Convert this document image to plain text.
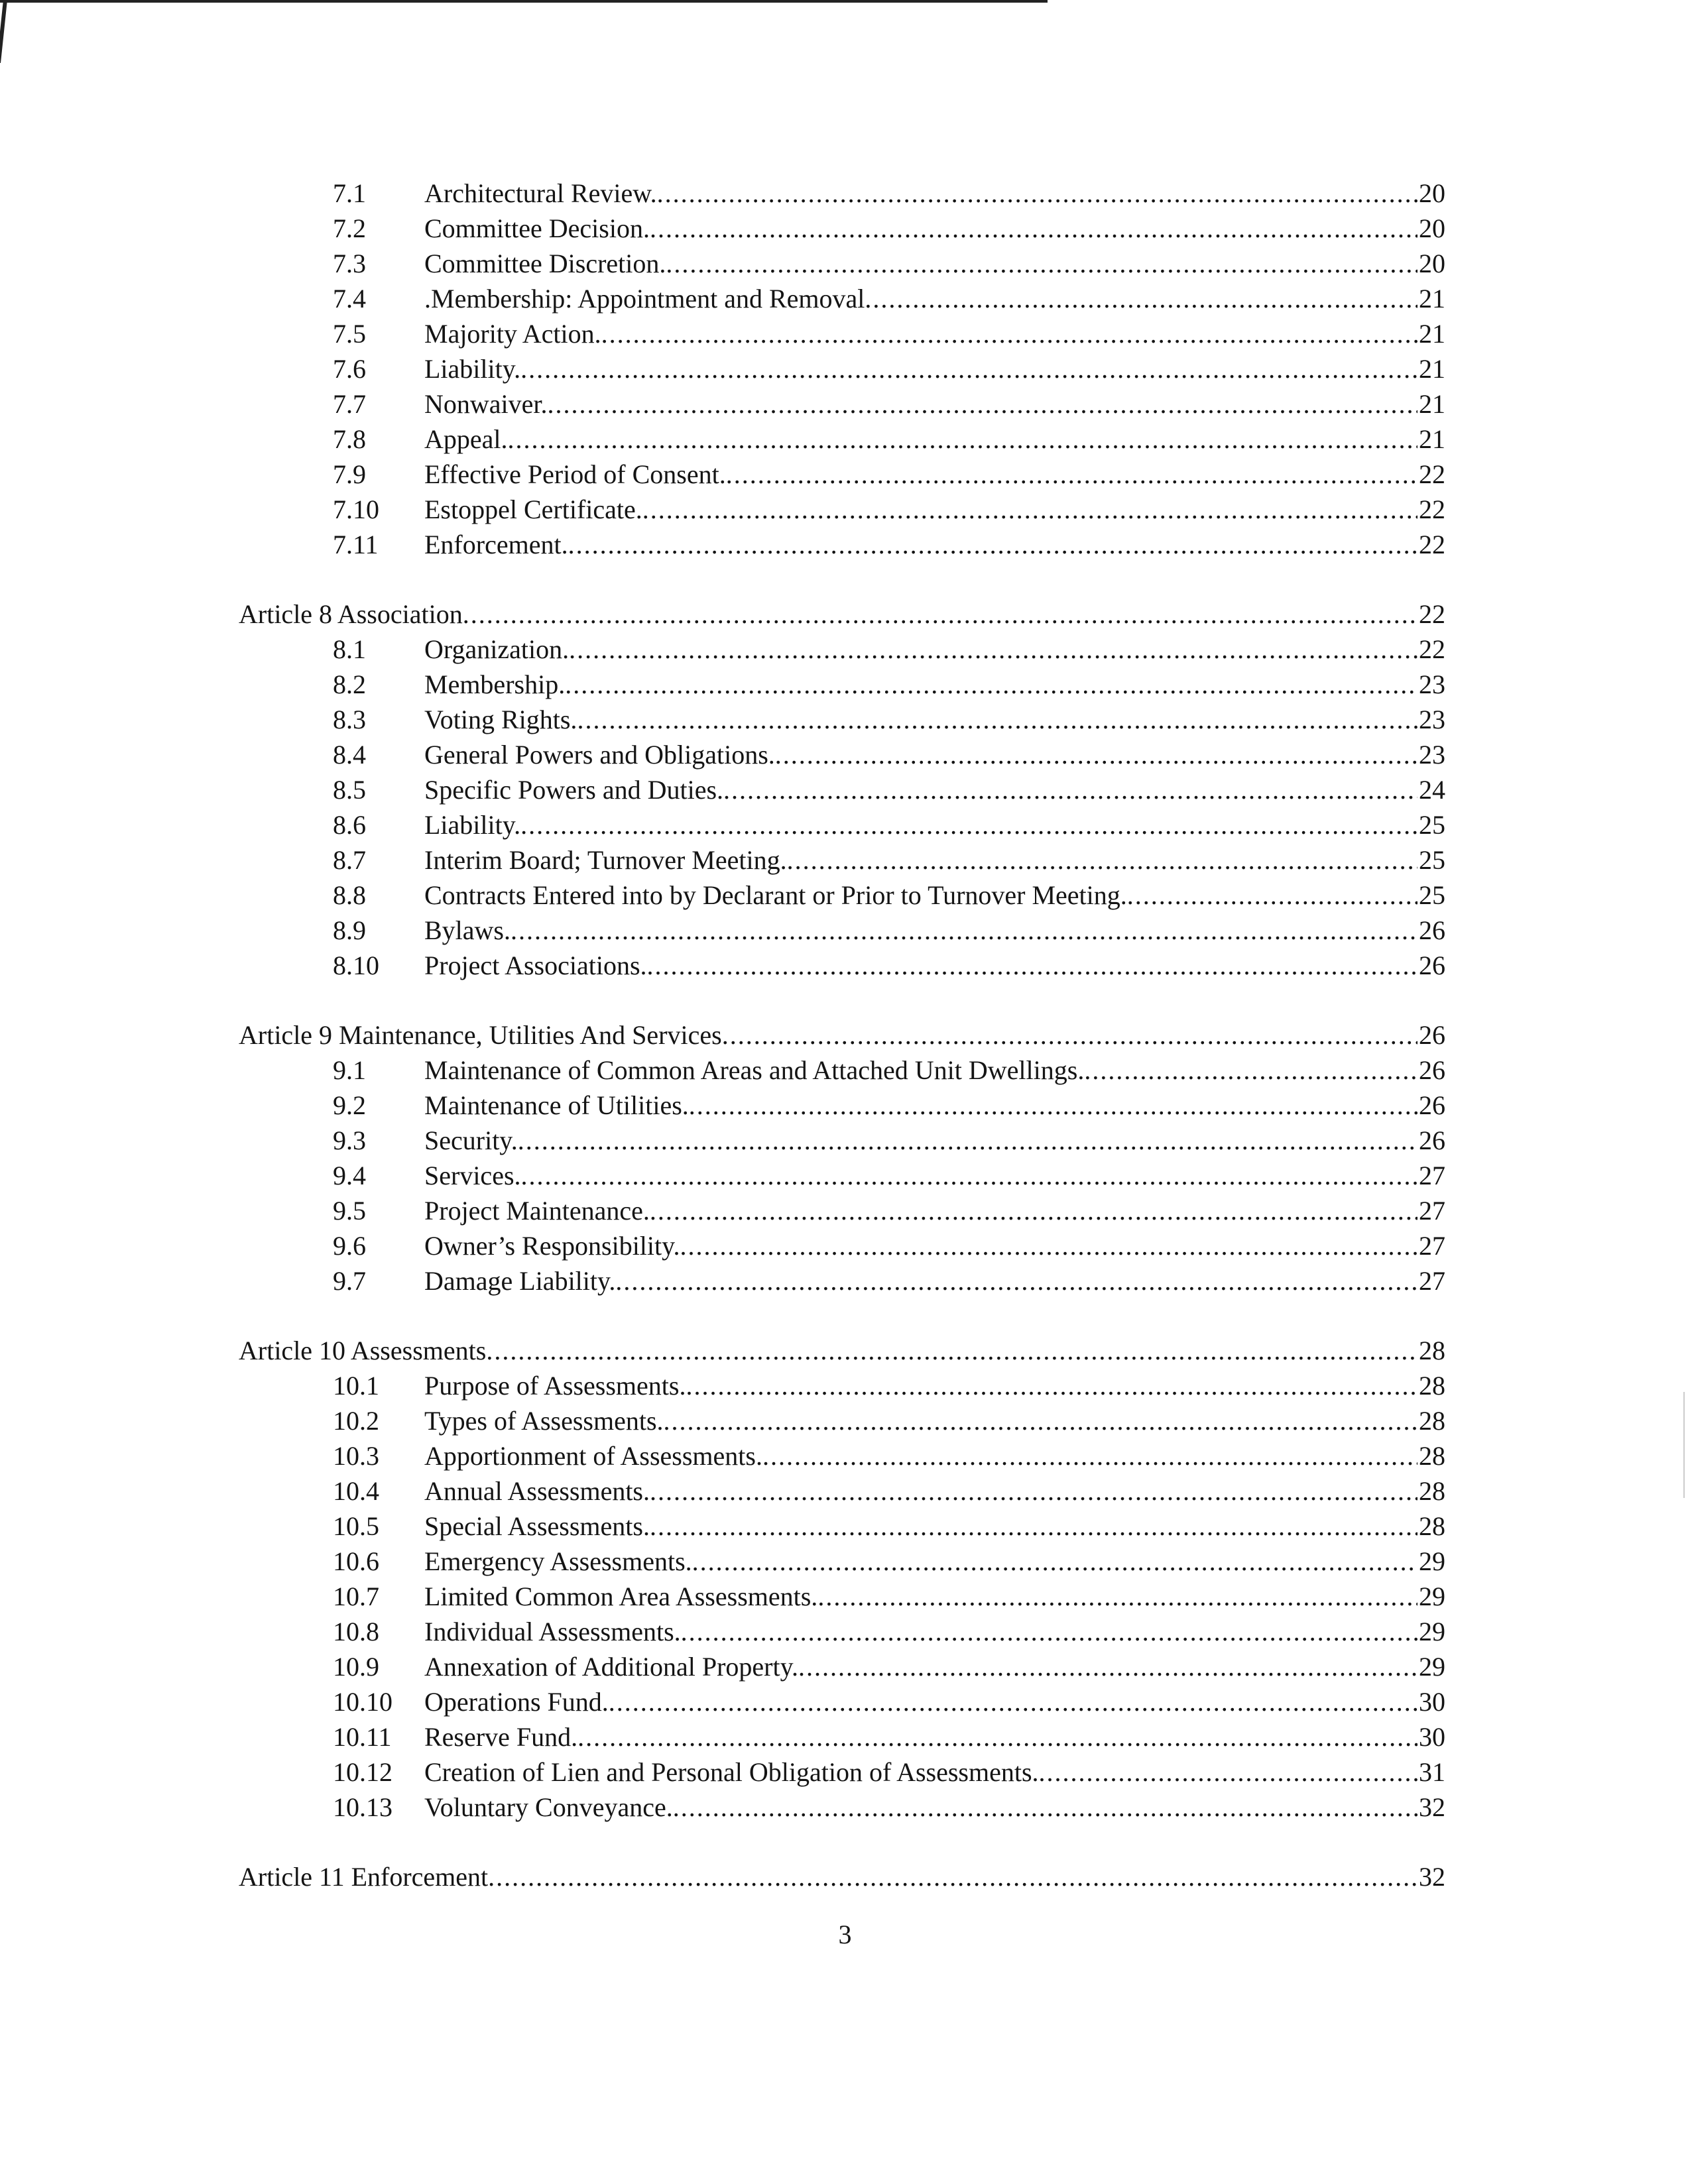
7.1	Architectural Review. .....	20
7.2	Committee Decision. .....	20
7.3	Committee Discretion. .....	20
7.4	.Membership: Appointment and Removal .....	21
7.5	Majority Action. .....	21
7.6	Liability. .....	21
7.7	Nonwaiver. .....	21
7.8	Appeal. .....	21
7.9	Effective Period of Consent. .....	22
7.10	Estoppel Certificate. .....	22
7.11	Enforcement. .....	22
Article 8 Association .....	22
8.1	Organization. .....	22
8.2	Membership. .....	23
8.3	Voting Rights. .....	23
8.4	General Powers and Obligations. .....	23
8.5	Specific Powers and Duties. .....	24
8.6	Liability. .....	25
8.7	Interim Board; Turnover Meeting. .....	25
8.8	Contracts Entered into by Declarant or Prior to Turnover Meeting. .....	25
8.9	Bylaws. .....	26
8.10	Project Associations. .....	26
Article 9 Maintenance, Utilities And Services .....	26
9.1	Maintenance of Common Areas and Attached Unit Dwellings. .....	26
9.2	Maintenance of Utilities. .....	26
9.3	Security. .....	26
9.4	Services. .....	27
9.5	Project Maintenance. .....	27
9.6	Owner’s Responsibility. .....	27
9.7	Damage Liability. .....	27
Article 10 Assessments .....	28
10.1	Purpose of Assessments. .....	28
10.2	Types of Assessments. .....	28
10.3	Apportionment of Assessments. .....	28
10.4	Annual Assessments. .....	28
10.5	Special Assessments. .....	28
10.6	Emergency Assessments. .....	29
10.7	Limited Common Area Assessments. .....	29
10.8	Individual Assessments. .....	29
10.9	Annexation of Additional Property. .....	29
10.10	Operations Fund. .....	30
10.11	Reserve Fund. .....	30
10.12	Creation of Lien and Personal Obligation of Assessments. .....	31
10.13	Voluntary Conveyance. .....	32
Article 11 Enforcement .....	32
3
